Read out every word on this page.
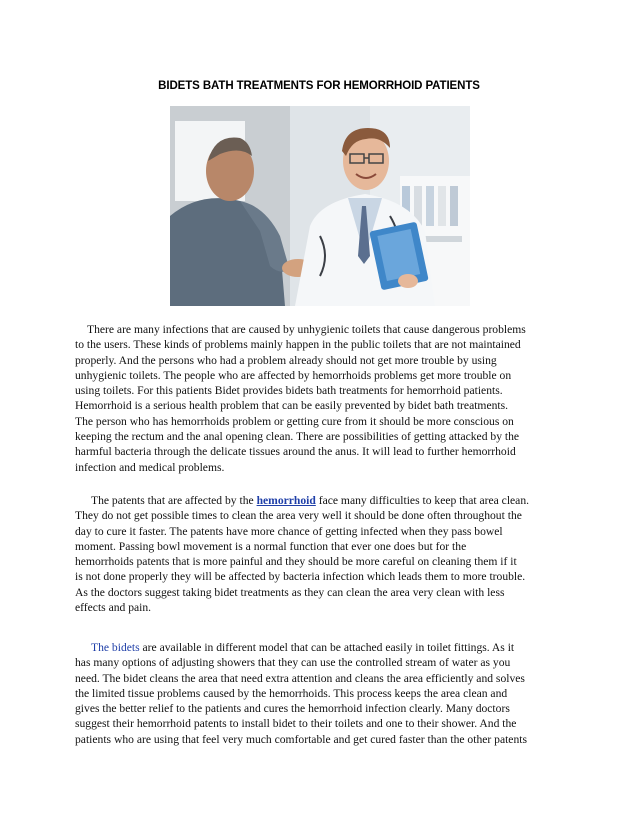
BIDETS BATH TREATMENTS FOR HEMORRHOID PATIENTS
There are many infections that are caused by unhygienic toilets that cause dangerous problems
to the users. These kinds of problems mainly happen in the public toilets that are not maintained
properly. And the persons who had a problem already should not get more trouble by using
unhygienic toilets. The people who are affected by hemorrhoids problems get more trouble on
using toilets. For this patients Bidet provides bidets bath treatments for hemorrhoid patients.
Hemorrhoid is a serious health problem that can be easily prevented by bidet bath treatments.
The person who has hemorrhoids problem or getting cure from it should be more conscious on
keeping the rectum and the anal opening clean. There are possibilities of getting attacked by the
harmful bacteria through the delicate tissues around the anus. It will lead to further hemorrhoid
infection and medical problems.
The patents that are affected by the hemorrhoid face many difficulties to keep that area clean.
They do not get possible times to clean the area very well it should be done often throughout the
day to cure it faster. The patents have more chance of getting infected when they pass bowel
moment. Passing bowl movement is a normal function that ever one does but for the
hemorrhoids patents that is more painful and they should be more careful on cleaning them if it
is not done properly they will be affected by bacteria infection which leads them to more trouble.
As the doctors suggest taking bidet treatments as they can clean the area very clean with less
effects and pain.
The bidets are available in different model that can be attached easily in toilet fittings. As it
has many options of adjusting showers that they can use the controlled stream of water as you
need. The bidet cleans the area that need extra attention and cleans the area efficiently and solves
the limited tissue problems caused by the hemorrhoids. This process keeps the area clean and
gives the better relief to the patients and cures the hemorrhoid infection clearly. Many doctors
suggest their hemorrhoid patents to install bidet to their toilets and one to their shower. And the
patients who are using that feel very much comfortable and get cured faster than the other patents
